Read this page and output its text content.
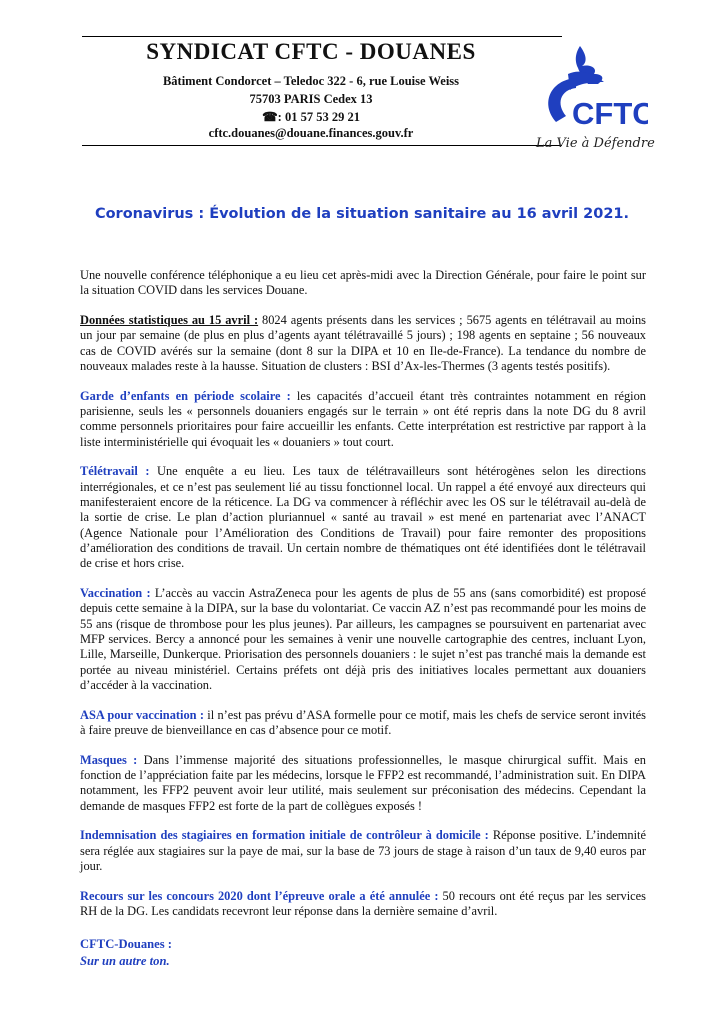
SYNDICAT CFTC - DOUANES
Bâtiment Condorcet – Teledoc 322 - 6, rue Louise Weiss
75703 PARIS Cedex 13
☎: 01 57 53 29 21
cftc.douanes@douane.finances.gouv.fr
CFTC
La Vie à Défendre
Coronavirus : Évolution de la situation sanitaire au 16 avril 2021.

Une nouvelle conférence téléphonique a eu lieu cet après-midi avec la Direction Générale, pour faire le point sur la situation COVID dans les services Douane.

Données statistiques au 15 avril : 8024 agents présents dans les services ; 5675 agents en télétravail au moins un jour par semaine (de plus en plus d’agents ayant télétravaillé 5 jours) ; 198 agents en septaine ; 56 nouveaux cas de COVID avérés sur la semaine (dont 8 sur la DIPA et 10 en Ile-de-France). La tendance du nombre de nouveaux malades reste à la hausse. Situation de clusters : BSI d’Ax-les-Thermes (3 agents testés positifs).

Garde d’enfants en période scolaire : les capacités d’accueil étant très contraintes notamment en région parisienne, seuls les « personnels douaniers engagés sur le terrain » ont été repris dans la note DG du 8 avril comme personnels prioritaires pour faire accueillir les enfants. Cette interprétation est restrictive par rapport à la liste interministérielle qui évoquait les « douaniers » tout court.

Télétravail : Une enquête a eu lieu. Les taux de télétravailleurs sont hétérogènes selon les directions interrégionales, et ce n’est pas seulement lié au tissu fonctionnel local. Un rappel a été envoyé aux directeurs qui manifesteraient encore de la réticence. La DG va commencer à réfléchir avec les OS sur le télétravail au-delà de la sortie de crise. Le plan d’action pluriannuel « santé au travail » est mené en partenariat avec l’ANACT (Agence Nationale pour l’Amélioration des Conditions de Travail) pour faire remonter des propositions d’amélioration des conditions de travail. Un certain nombre de thématiques ont été identifiées dont le télétravail de crise et hors crise.

Vaccination : L’accès au vaccin AstraZeneca pour les agents de plus de 55 ans (sans comorbidité) est proposé depuis cette semaine à la DIPA, sur la base du volontariat. Ce vaccin AZ n’est pas recommandé pour les moins de 55 ans (risque de thrombose pour les plus jeunes). Par ailleurs, les campagnes se poursuivent en partenariat avec MFP services. Bercy a annoncé pour les semaines à venir une nouvelle cartographie des centres, incluant Lyon, Lille, Marseille, Dunkerque. Priorisation des personnels douaniers : le sujet n’est pas tranché mais la demande est portée au niveau ministériel. Certains préfets ont déjà pris des initiatives locales permettant aux douaniers d’accéder à la vaccination.

ASA pour vaccination : il n’est pas prévu d’ASA formelle pour ce motif, mais les chefs de service seront invités à faire preuve de bienveillance en cas d’absence pour ce motif.

Masques : Dans l’immense majorité des situations professionnelles, le masque chirurgical suffit. Mais en fonction de l’appréciation faite par les médecins, lorsque le FFP2 est recommandé, l’administration suit. En DIPA notamment, les FFP2 peuvent avoir leur utilité, mais seulement sur préconisation des médecins. Cependant la demande de masques FFP2 est forte de la part de collègues exposés !

Indemnisation des stagiaires en formation initiale de contrôleur à domicile : Réponse positive. L’indemnité sera réglée aux stagiaires sur la paye de mai, sur la base de 73 jours de stage à raison d’un taux de 9,40 euros par jour.

Recours sur les concours 2020 dont l’épreuve orale a été annulée : 50 recours ont été reçus par les services RH de la DG. Les candidats recevront leur réponse dans la dernière semaine d’avril.

CFTC-Douanes :
Sur un autre ton.
